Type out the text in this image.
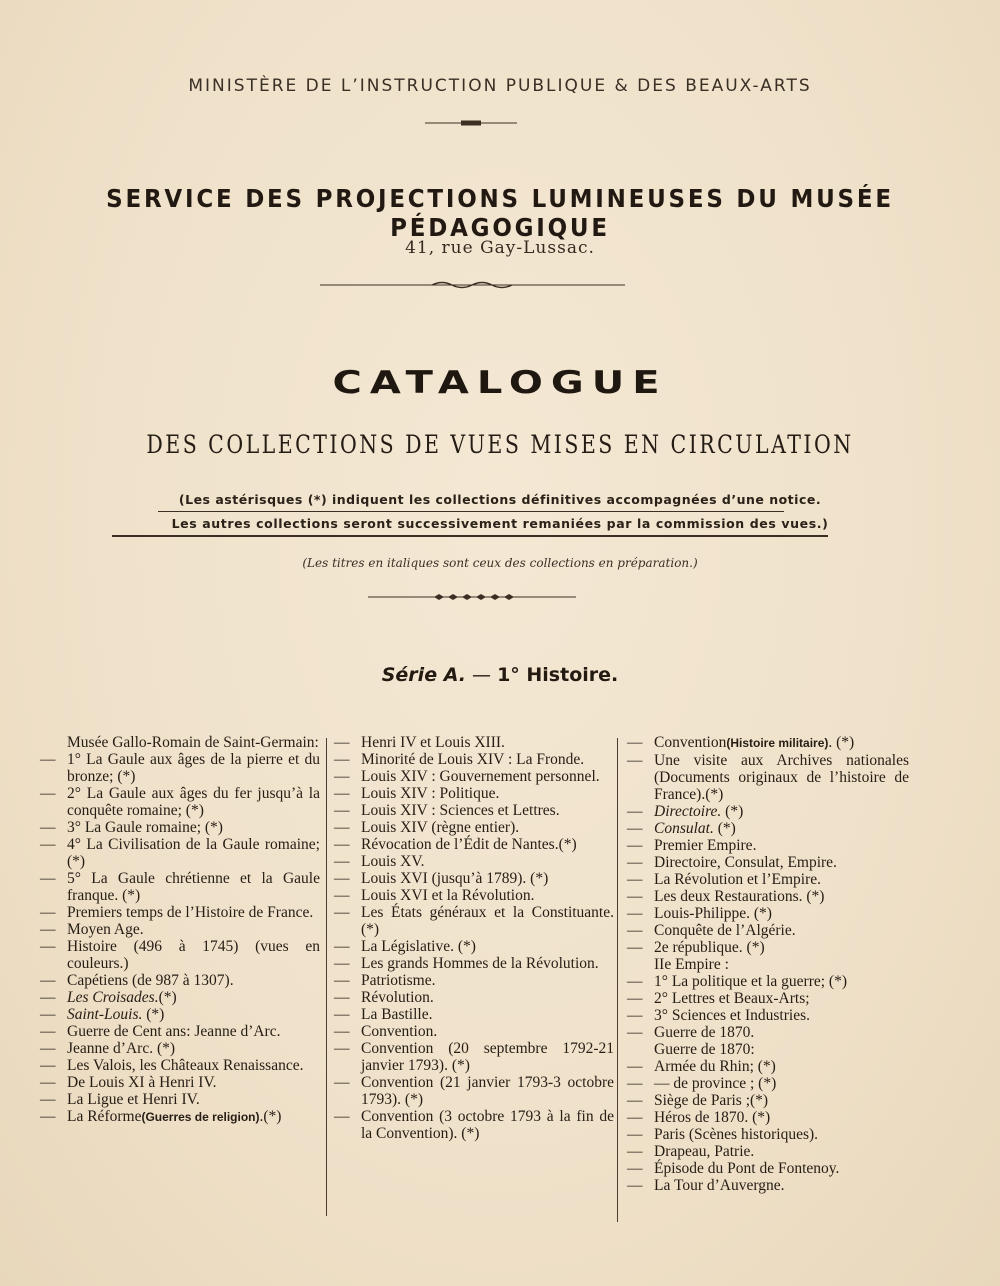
MINISTÈRE DE L’INSTRUCTION PUBLIQUE & DES BEAUX-ARTS
SERVICE DES PROJECTIONS LUMINEUSES DU MUSÉE PÉDAGOGIQUE
41, rue Gay-Lussac.
CATALOGUE
DES COLLECTIONS DE VUES MISES EN CIRCULATION
(Les astérisques (*) indiquent les collections définitives accompagnées d’une notice.
Les autres collections seront successivement remaniées par la commission des vues.)
(Les titres en italiques sont ceux des collections en préparation.)
Série A. — 1° Histoire.
Musée Gallo-Romain de Saint-Germain:
— 1° La Gaule aux âges de la pierre et du bronze; (*)
— 2° La Gaule aux âges du fer jusqu’à la conquête romaine; (*)
— 3° La Gaule romaine; (*)
— 4° La Civilisation de la Gaule romaine; (*)
— 5° La Gaule chrétienne et la Gaule franque. (*)
— Premiers temps de l’Histoire de France.
— Moyen Age.
— Histoire (496 à 1745) (vues en couleurs.)
— Capétiens (de 987 à 1307).
— Les Croisades.(*)
— Saint-Louis. (*)
— Guerre de Cent ans: Jeanne d’Arc.
— Jeanne d’Arc. (*)
— Les Valois, les Châteaux Renaissance.
— De Louis XI à Henri IV.
— La Ligue et Henri IV.
— La Réforme(Guerres de religion).(*)
— Henri IV et Louis XIII.
— Minorité de Louis XIV : La Fronde.
— Louis XIV : Gouvernement personnel.
— Louis XIV : Politique.
— Louis XIV : Sciences et Lettres.
— Louis XIV (règne entier).
— Révocation de l’Édit de Nantes.(*)
— Louis XV.
— Louis XVI (jusqu’à 1789). (*)
— Louis XVI et la Révolution.
— Les États généraux et la Constituante. (*)
— La Législative. (*)
— Les grands Hommes de la Révolution.
— Patriotisme.
— Révolution.
— La Bastille.
— Convention.
— Convention (20 septembre 1792-21 janvier 1793). (*)
— Convention (21 janvier 1793-3 octobre 1793). (*)
— Convention (3 octobre 1793 à la fin de la Convention). (*)
— Convention(Histoire militaire). (*)
— Une visite aux Archives nationales (Documents originaux de l’histoire de France).(*)
— Directoire. (*)
— Consulat. (*)
— Premier Empire.
— Directoire, Consulat, Empire.
— La Révolution et l’Empire.
— Les deux Restaurations. (*)
— Louis-Philippe. (*)
— Conquête de l’Algérie.
— 2e république. (*)
IIe Empire :
— 1° La politique et la guerre; (*)
— 2° Lettres et Beaux-Arts;
— 3° Sciences et Industries.
— Guerre de 1870.
Guerre de 1870:
— Armée du Rhin; (*)
— — de province ; (*)
— Siège de Paris ;(*)
— Héros de 1870. (*)
— Paris (Scènes historiques).
— Drapeau, Patrie.
— Épisode du Pont de Fontenoy.
— La Tour d’Auvergne.
